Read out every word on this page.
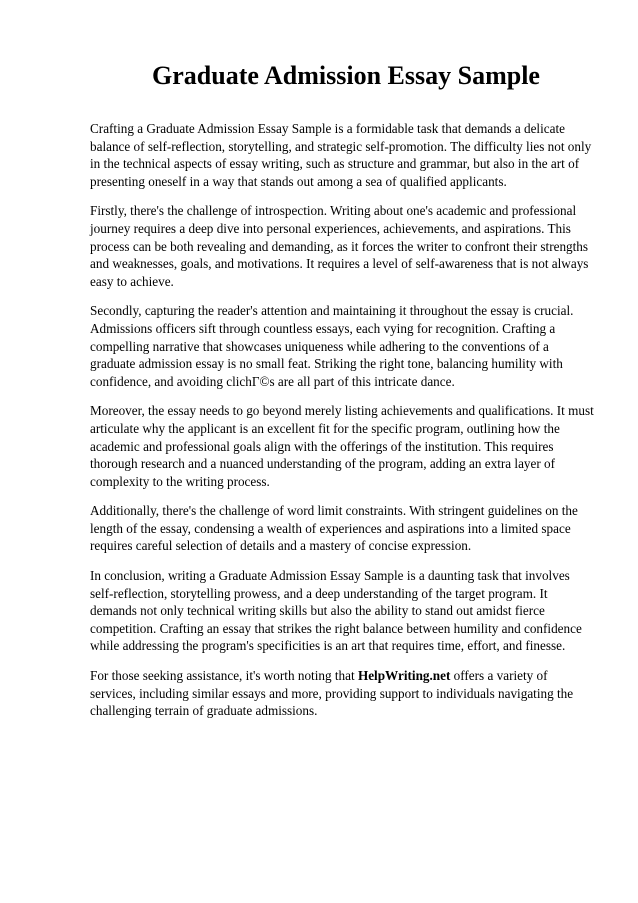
Graduate Admission Essay Sample

Crafting a Graduate Admission Essay Sample is a formidable task that demands a delicate balance of self-reflection, storytelling, and strategic self-promotion. The difficulty lies not only in the technical aspects of essay writing, such as structure and grammar, but also in the art of presenting oneself in a way that stands out among a sea of qualified applicants.

Firstly, there's the challenge of introspection. Writing about one's academic and professional journey requires a deep dive into personal experiences, achievements, and aspirations. This process can be both revealing and demanding, as it forces the writer to confront their strengths and weaknesses, goals, and motivations. It requires a level of self-awareness that is not always easy to achieve.

Secondly, capturing the reader's attention and maintaining it throughout the essay is crucial. Admissions officers sift through countless essays, each vying for recognition. Crafting a compelling narrative that showcases uniqueness while adhering to the conventions of a graduate admission essay is no small feat. Striking the right tone, balancing humility with confidence, and avoiding clichГ©s are all part of this intricate dance.

Moreover, the essay needs to go beyond merely listing achievements and qualifications. It must articulate why the applicant is an excellent fit for the specific program, outlining how the academic and professional goals align with the offerings of the institution. This requires thorough research and a nuanced understanding of the program, adding an extra layer of complexity to the writing process.

Additionally, there's the challenge of word limit constraints. With stringent guidelines on the length of the essay, condensing a wealth of experiences and aspirations into a limited space requires careful selection of details and a mastery of concise expression.

In conclusion, writing a Graduate Admission Essay Sample is a daunting task that involves self-reflection, storytelling prowess, and a deep understanding of the target program. It demands not only technical writing skills but also the ability to stand out amidst fierce competition. Crafting an essay that strikes the right balance between humility and confidence while addressing the program's specificities is an art that requires time, effort, and finesse.

For those seeking assistance, it's worth noting that HelpWriting.net offers a variety of services, including similar essays and more, providing support to individuals navigating the challenging terrain of graduate admissions.
